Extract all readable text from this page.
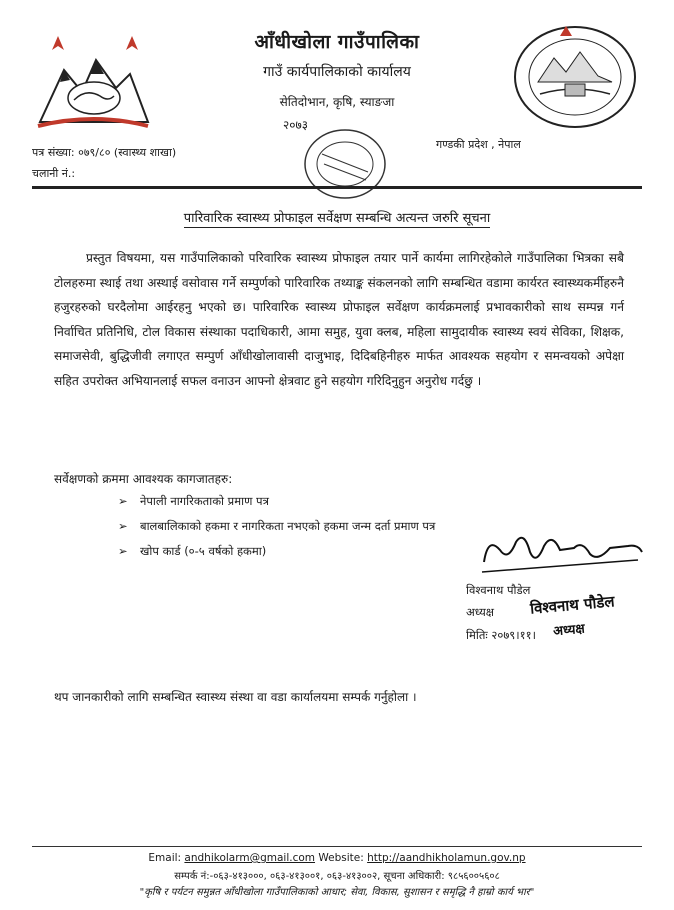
आँधीखोला गाउँपालिका
गाउँ कार्यपालिकाको कार्यालय
सेतिदोभान, कृषि, स्याङजा
२०७३
गण्डकी प्रदेश , नेपाल
पत्र संख्या: ०७९/८० (स्वास्थ्य शाखा)
चलानी नं.:
पारिवारिक स्वास्थ्य प्रोफाइल सर्वेक्षण सम्बन्धि अत्यन्त जरुरि सूचना
प्रस्तुत विषयमा, यस गाउँपालिकाको परिवारिक स्वास्थ्य प्रोफाइल तयार पार्ने कार्यमा लागिरहेकोले गाउँपालिका भित्रका सबै टोलहरुमा स्थाई तथा अस्थाई वसोवास गर्ने सम्पुर्णको पारिवारिक तथ्याङ्क संकलनको लागि सम्बन्धित वडामा कार्यरत स्वास्थ्यकर्मीहरुनै हजुरहरुको घरदैलोमा आईरहनु भएको छ। पारिवारिक स्वास्थ्य प्रोफाइल सर्वेक्षण कार्यक्रमलाई प्रभावकारीको साथ सम्पन्न गर्न निर्वाचित प्रतिनिधि, टोल विकास संस्थाका पदाधिकारी, आमा समुह, युवा क्लब, महिला सामुदायीक स्वास्थ्य स्वयं सेविका, शिक्षक, समाजसेवी, बुद्धिजीवी लगाएत सम्पुर्ण आँधीखोलावासी दाजुभाइ, दिदिबहिनीहरु मार्फत आवश्यक सहयोग र समन्वयको अपेक्षा सहित उपरोक्त अभियानलाई सफल वनाउन आफ्नो क्षेत्रवाट हुने सहयोग गरिदिनुहुन अनुरोध गर्दछु ।
सर्वेक्षणको क्रममा आवश्यक कागजातहरु:
➢ नेपाली नागरिकताको प्रमाण पत्र
➢ बालबालिकाको हकमा र नागरिकता नभएको हकमा जन्म दर्ता प्रमाण पत्र
➢ खोप कार्ड (०-५ वर्षको हकमा)
विश्वनाथ पौडेल
अध्यक्ष
मितिः २०७९।११।
विश्वनाथ पौडेल
अध्यक्ष
थप जानकारीको लागि सम्बन्धित स्वास्थ्य संस्था वा वडा कार्यालयमा सम्पर्क गर्नुहोला ।
Email: andhikolarm@gmail.com Website: http://aandhikholamun.gov.np
सम्पर्क नं:-०६३-४१३०००, ०६३-४१३००१, ०६३-४१३००२, सूचना अधिकारी: ९८५६००५६०८
"कृषि र पर्यटन समुन्नत आँधीखोला गाउँपालिकाको आधार; सेवा, विकास, सुशासन र समृद्धि नै हाम्रो कार्य भार"
